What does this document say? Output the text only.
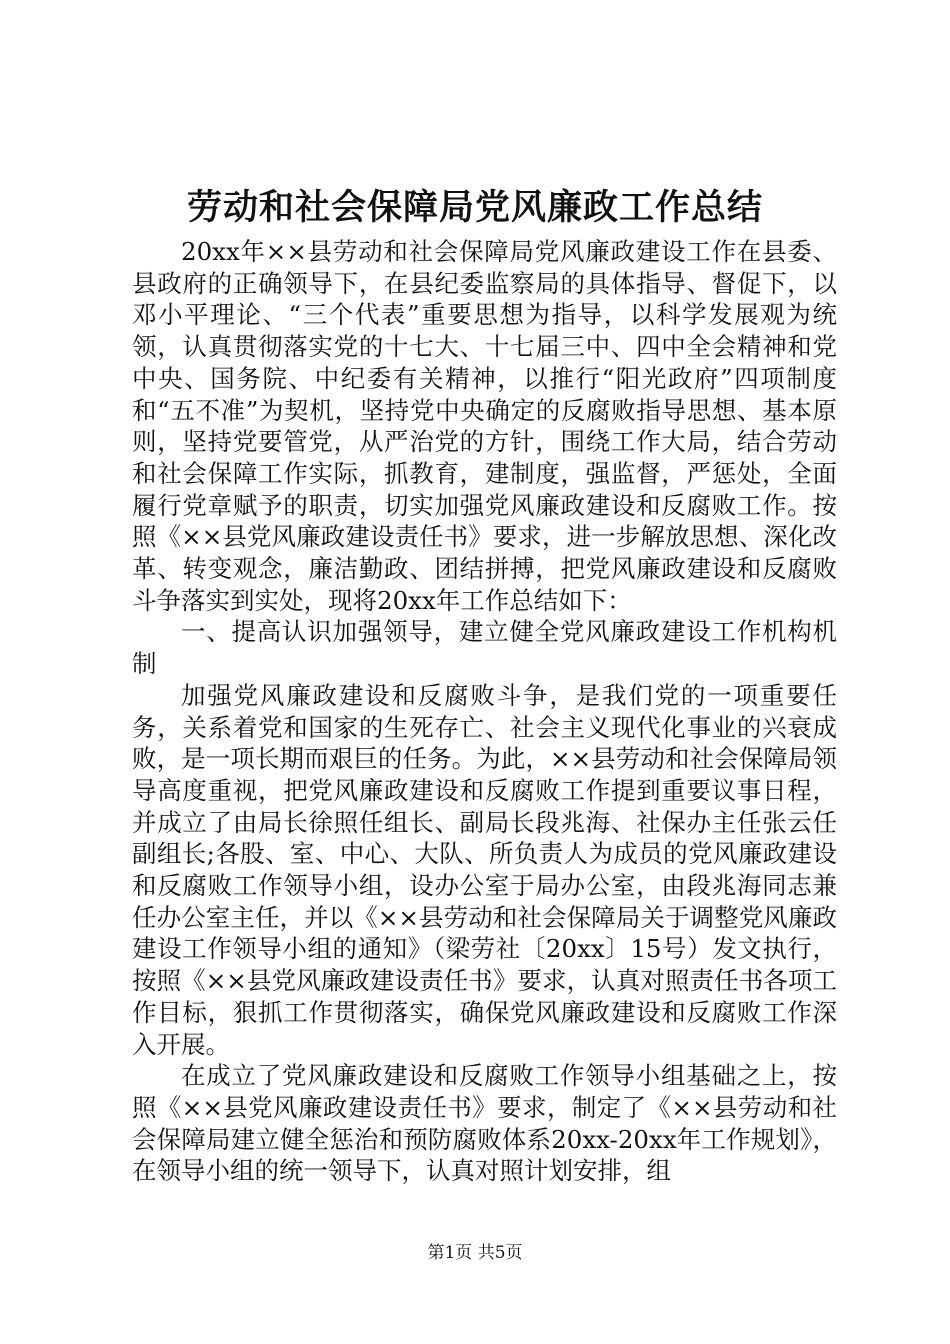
劳动和社会保障局党风廉政工作总结

20xx年××县劳动和社会保障局党风廉政建设工作在县委、县政府的正确领导下，在县纪委监察局的具体指导、督促下，以邓小平理论、“三个代表”重要思想为指导，以科学发展观为统领，认真贯彻落实党的十七大、十七届三中、四中全会精神和党中央、国务院、中纪委有关精神，以推行“阳光政府”四项制度和“五不准”为契机，坚持党中央确定的反腐败指导思想、基本原则，坚持党要管党，从严治党的方针，围绕工作大局，结合劳动和社会保障工作实际，抓教育，建制度，强监督，严惩处，全面履行党章赋予的职责，切实加强党风廉政建设和反腐败工作。按照《××县党风廉政建设责任书》要求，进一步解放思想、深化改革、转变观念，廉洁勤政、团结拼搏，把党风廉政建设和反腐败斗争落实到实处，现将20xx年工作总结如下：

一、提高认识加强领导，建立健全党风廉政建设工作机构机制

加强党风廉政建设和反腐败斗争，是我们党的一项重要任务，关系着党和国家的生死存亡、社会主义现代化事业的兴衰成败，是一项长期而艰巨的任务。为此，××县劳动和社会保障局领导高度重视，把党风廉政建设和反腐败工作提到重要议事日程，并成立了由局长徐照任组长、副局长段兆海、社保办主任张云任副组长;各股、室、中心、大队、所负责人为成员的党风廉政建设和反腐败工作领导小组，设办公室于局办公室，由段兆海同志兼任办公室主任，并以《××县劳动和社会保障局关于调整党风廉政建设工作领导小组的通知》（梁劳社〔20xx〕15号）发文执行，按照《××县党风廉政建设责任书》要求，认真对照责任书各项工作目标，狠抓工作贯彻落实，确保党风廉政建设和反腐败工作深入开展。

在成立了党风廉政建设和反腐败工作领导小组基础之上，按照《××县党风廉政建设责任书》要求，制定了《××县劳动和社会保障局建立健全惩治和预防腐败体系20xx-20xx年工作规划》，在领导小组的统一领导下，认真对照计划安排，组

第1页 共5页
